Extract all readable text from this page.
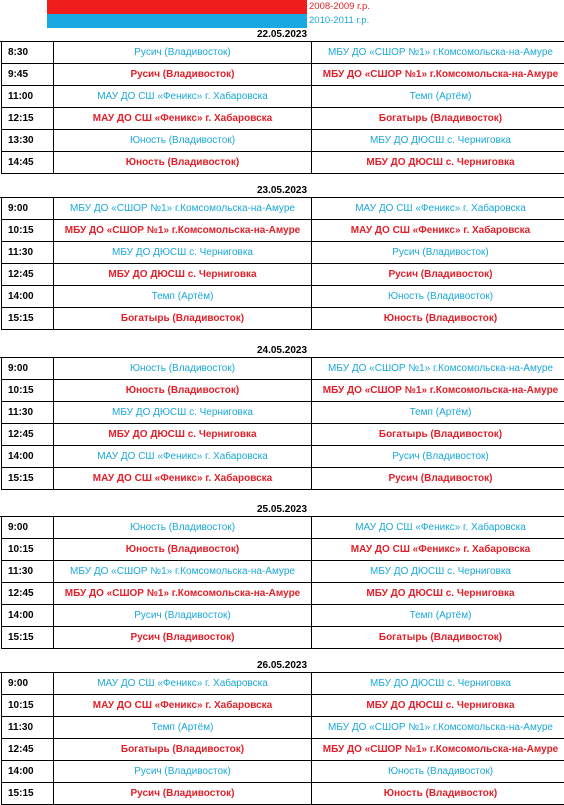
2008-2009 г.р.
2010-2011 г.р.
22.05.2023
8:30	Русич (Владивосток)	МБУ ДО «СШОР №1» г.Комсомольска-на-Амуре
9:45	Русич (Владивосток)	МБУ ДО «СШОР №1» г.Комсомольска-на-Амуре
11:00	МАУ ДО СШ «Феникс» г. Хабаровска	Темп (Артём)
12:15	МАУ ДО СШ «Феникс» г. Хабаровска	Богатырь (Владивосток)
13:30	Юность (Владивосток)	МБУ ДО ДЮСШ с. Черниговка
14:45	Юность (Владивосток)	МБУ ДО ДЮСШ с. Черниговка
23.05.2023
9:00	МБУ ДО «СШОР №1» г.Комсомольска-на-Амуре	МАУ ДО СШ «Феникс» г. Хабаровска
10:15	МБУ ДО «СШОР №1» г.Комсомольска-на-Амуре	МАУ ДО СШ «Феникс» г. Хабаровска
11:30	МБУ ДО ДЮСШ с. Черниговка	Русич (Владивосток)
12:45	МБУ ДО ДЮСШ с. Черниговка	Русич (Владивосток)
14:00	Темп (Артём)	Юность (Владивосток)
15:15	Богатырь (Владивосток)	Юность (Владивосток)
24.05.2023
9:00	Юность (Владивосток)	МБУ ДО «СШОР №1» г.Комсомольска-на-Амуре
10:15	Юность (Владивосток)	МБУ ДО «СШОР №1» г.Комсомольска-на-Амуре
11:30	МБУ ДО ДЮСШ с. Черниговка	Темп (Артём)
12:45	МБУ ДО ДЮСШ с. Черниговка	Богатырь (Владивосток)
14:00	МАУ ДО СШ «Феникс» г. Хабаровска	Русич (Владивосток)
15:15	МАУ ДО СШ «Феникс» г. Хабаровска	Русич (Владивосток)
25.05.2023
9:00	Юность (Владивосток)	МАУ ДО СШ «Феникс» г. Хабаровска
10:15	Юность (Владивосток)	МАУ ДО СШ «Феникс» г. Хабаровска
11:30	МБУ ДО «СШОР №1» г.Комсомольска-на-Амуре	МБУ ДО ДЮСШ с. Черниговка
12:45	МБУ ДО «СШОР №1» г.Комсомольска-на-Амуре	МБУ ДО ДЮСШ с. Черниговка
14:00	Русич (Владивосток)	Темп (Артём)
15:15	Русич (Владивосток)	Богатырь (Владивосток)
26.05.2023
9:00	МАУ ДО СШ «Феникс» г. Хабаровска	МБУ ДО ДЮСШ с. Черниговка
10:15	МАУ ДО СШ «Феникс» г. Хабаровска	МБУ ДО ДЮСШ с. Черниговка
11:30	Темп (Артём)	МБУ ДО «СШОР №1» г.Комсомольска-на-Амуре
12:45	Богатырь (Владивосток)	МБУ ДО «СШОР №1» г.Комсомольска-на-Амуре
14:00	Русич (Владивосток)	Юность (Владивосток)
15:15	Русич (Владивосток)	Юность (Владивосток)
